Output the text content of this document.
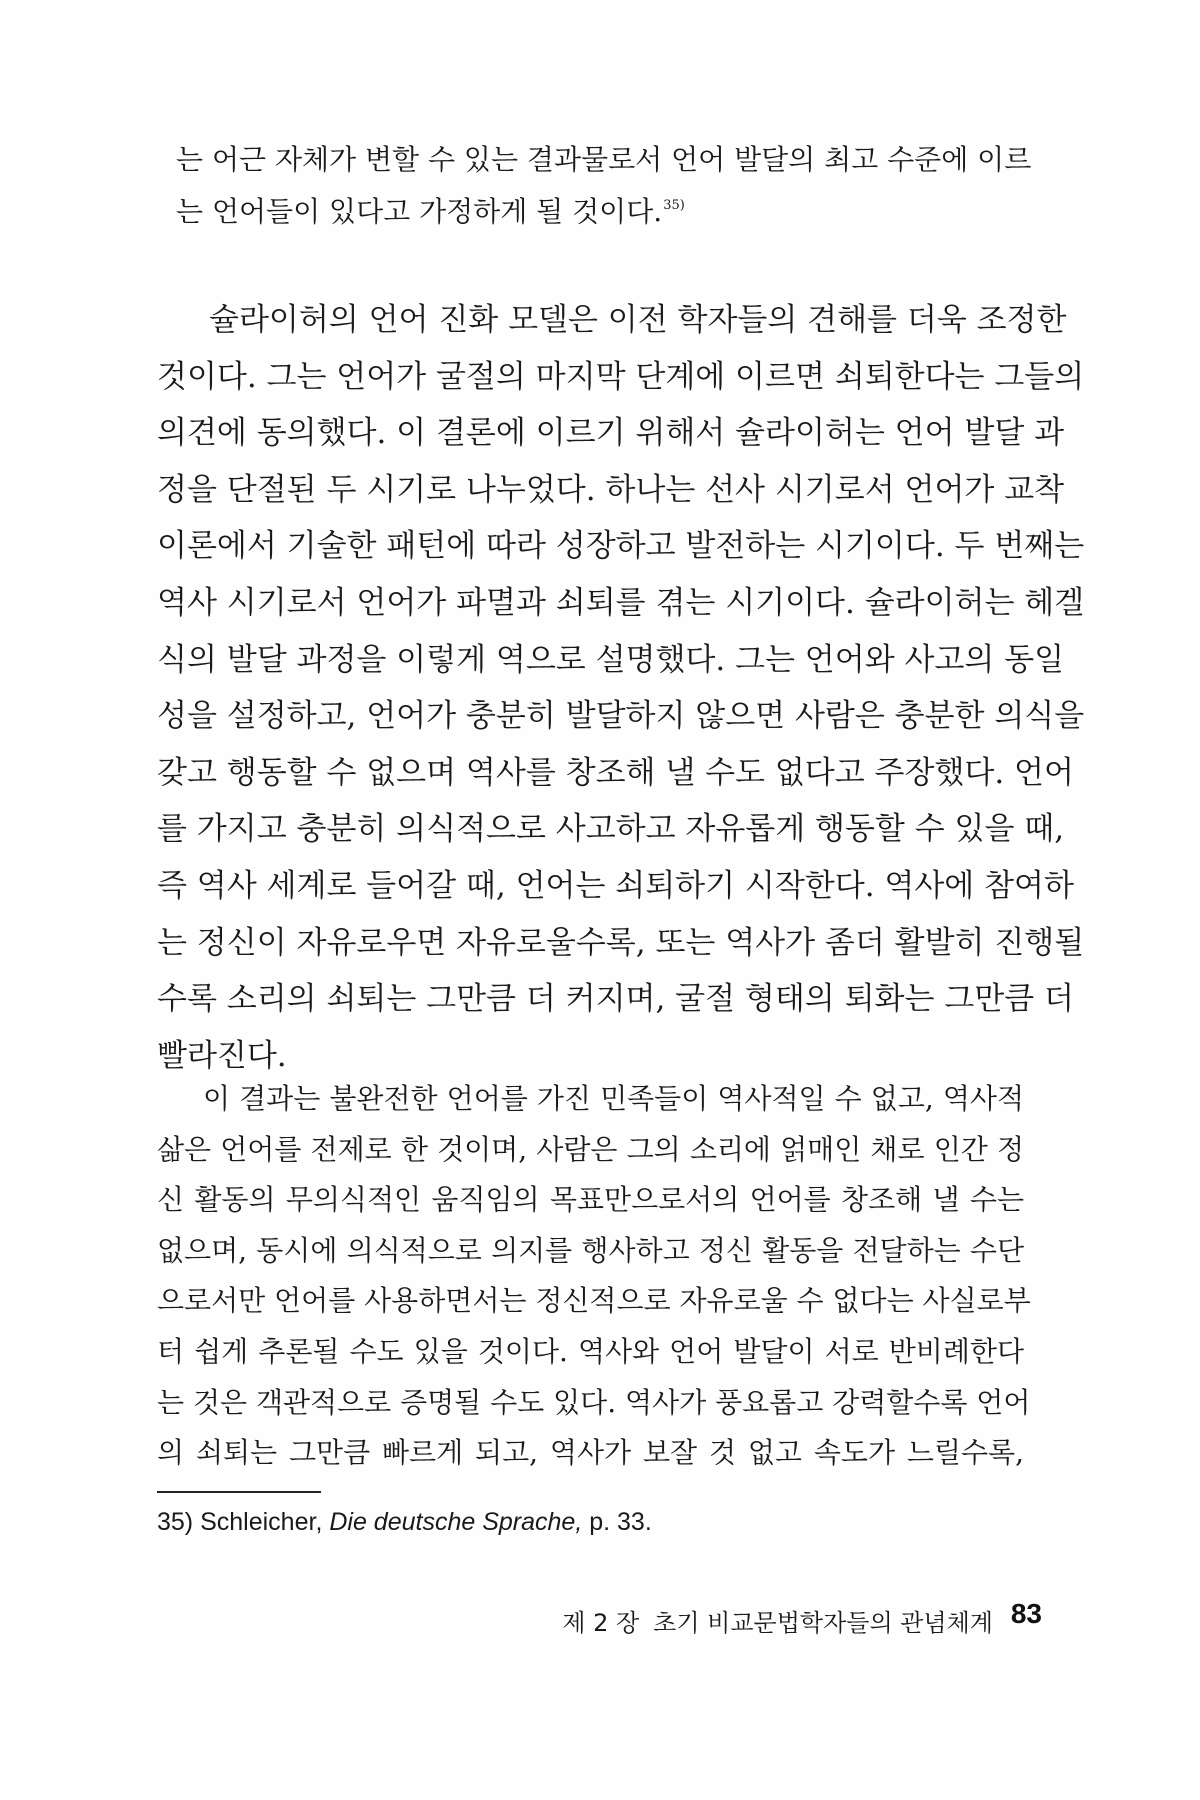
는 어근 자체가 변할 수 있는 결과물로서 언어 발달의 최고 수준에 이르
는 언어들이 있다고 가정하게 될 것이다.$^{35)}$
슐라이허의 언어 진화 모델은 이전 학자들의 견해를 더욱 조정한
것이다. 그는 언어가 굴절의 마지막 단계에 이르면 쇠퇴한다는 그들의
의견에 동의했다. 이 결론에 이르기 위해서 슐라이허는 언어 발달 과
정을 단절된 두 시기로 나누었다. 하나는 선사 시기로서 언어가 교착
이론에서 기술한 패턴에 따라 성장하고 발전하는 시기이다. 두 번째는
역사 시기로서 언어가 파멸과 쇠퇴를 겪는 시기이다. 슐라이허는 헤겔
식의 발달 과정을 이렇게 역으로 설명했다. 그는 언어와 사고의 동일
성을 설정하고, 언어가 충분히 발달하지 않으면 사람은 충분한 의식을
갖고 행동할 수 없으며 역사를 창조해 낼 수도 없다고 주장했다. 언어
를 가지고 충분히 의식적으로 사고하고 자유롭게 행동할 수 있을 때,
즉 역사 세계로 들어갈 때, 언어는 쇠퇴하기 시작한다. 역사에 참여하
는 정신이 자유로우면 자유로울수록, 또는 역사가 좀더 활발히 진행될
수록 소리의 쇠퇴는 그만큼 더 커지며, 굴절 형태의 퇴화는 그만큼 더
빨라진다.
이 결과는 불완전한 언어를 가진 민족들이 역사적일 수 없고, 역사적
삶은 언어를 전제로 한 것이며, 사람은 그의 소리에 얽매인 채로 인간 정
신 활동의 무의식적인 움직임의 목표만으로서의 언어를 창조해 낼 수는
없으며, 동시에 의식적으로 의지를 행사하고 정신 활동을 전달하는 수단
으로서만 언어를 사용하면서는 정신적으로 자유로울 수 없다는 사실로부
터 쉽게 추론될 수도 있을 것이다. 역사와 언어 발달이 서로 반비례한다
는 것은 객관적으로 증명될 수도 있다. 역사가 풍요롭고 강력할수록 언어
의 쇠퇴는 그만큼 빠르게 되고, 역사가 보잘 것 없고 속도가 느릴수록,
35) Schleicher, Die deutsche Sprache, p. 33.
제 2 장 초기 비교문법학자들의 관념체계 83
